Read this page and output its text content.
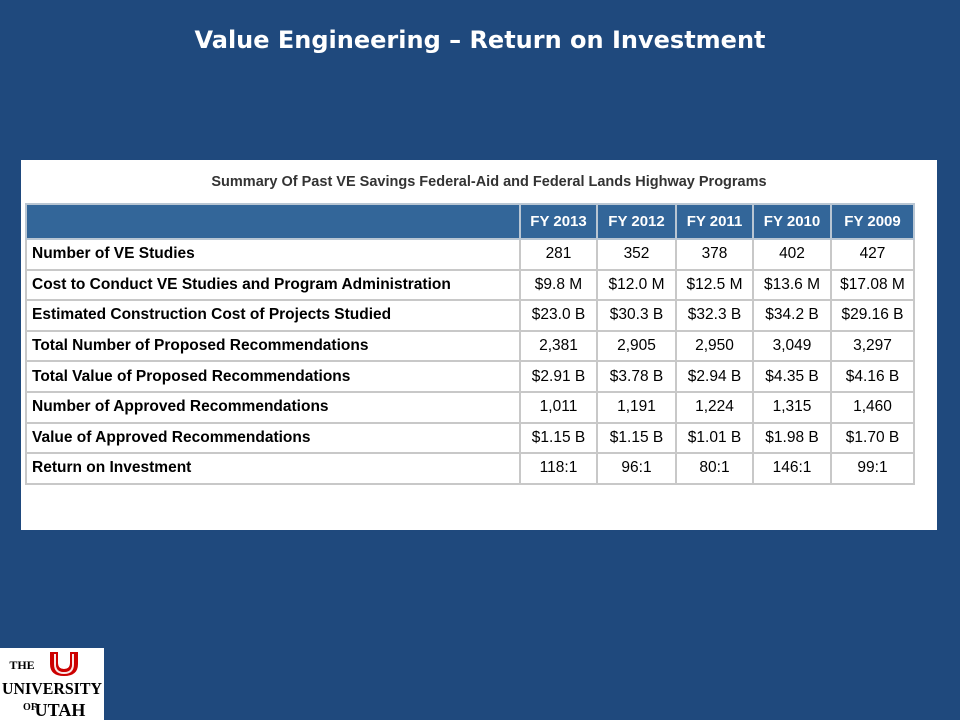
Value Engineering – Return on Investment
Summary Of Past VE Savings Federal-Aid and Federal Lands Highway Programs
	FY 2013	FY 2012	FY 2011	FY 2010	FY 2009
Number of VE Studies	281	352	378	402	427
Cost to Conduct VE Studies and Program Administration	$9.8 M	$12.0 M	$12.5 M	$13.6 M	$17.08 M
Estimated Construction Cost of Projects Studied	$23.0 B	$30.3 B	$32.3 B	$34.2 B	$29.16 B
Total Number of Proposed Recommendations	2,381	2,905	2,950	3,049	3,297
Total Value of Proposed Recommendations	$2.91 B	$3.78 B	$2.94 B	$4.35 B	$4.16 B
Number of Approved Recommendations	1,011	1,191	1,224	1,315	1,460
Value of Approved Recommendations	$1.15 B	$1.15 B	$1.01 B	$1.98 B	$1.70 B
Return on Investment	118:1	96:1	80:1	146:1	99:1
THE
UNIVERSITY
OF
UTAH
